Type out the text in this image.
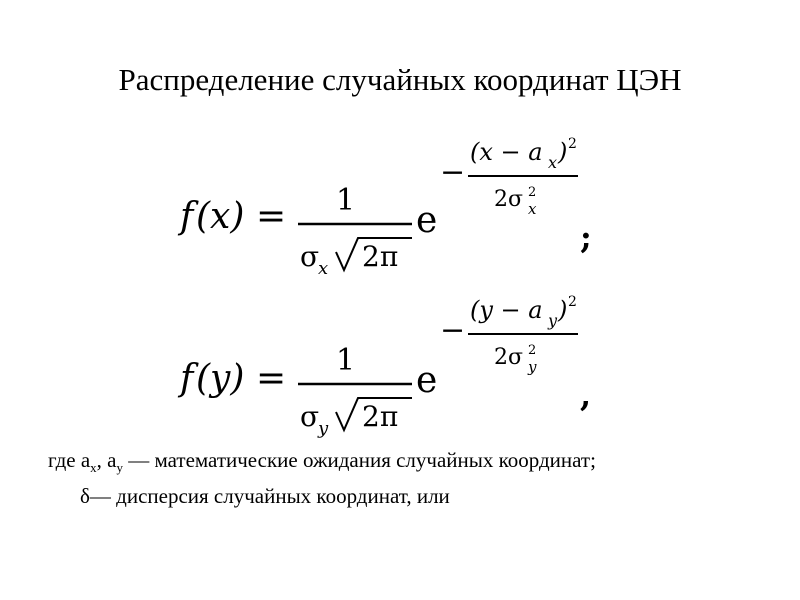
Распределение случайных координат ЦЭН
f (x) = 1
σ
x 2π
e
−
(x − a x ) 2
2σ 2
x
;
f (y) = 1
σ
y 2π
e
−
(y − a y ) 2
2σ 2
y
,
где $a_x$, $a_y$ — математические ожидания случайных координат;
δ— дисперсия случайных координат, или
